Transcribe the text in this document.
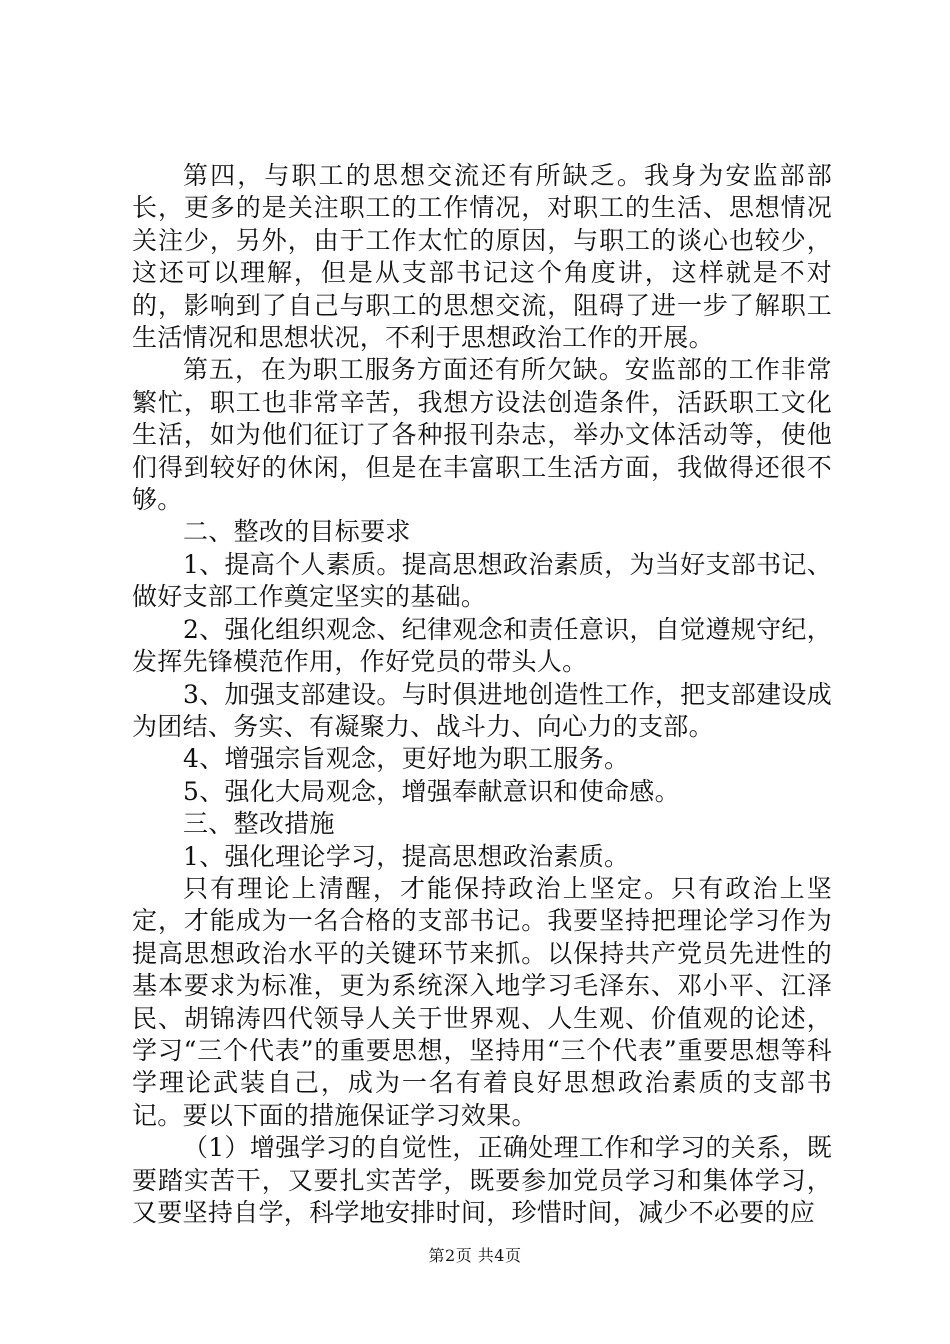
第四，与职工的思想交流还有所缺乏。我身为安监部部长，更多的是关注职工的工作情况，对职工的生活、思想情况关注少，另外，由于工作太忙的原因，与职工的谈心也较少，这还可以理解，但是从支部书记这个角度讲，这样就是不对的，影响到了自己与职工的思想交流，阻碍了进一步了解职工生活情况和思想状况，不利于思想政治工作的开展。

第五，在为职工服务方面还有所欠缺。安监部的工作非常繁忙，职工也非常辛苦，我想方设法创造条件，活跃职工文化生活，如为他们征订了各种报刊杂志，举办文体活动等，使他们得到较好的休闲，但是在丰富职工生活方面，我做得还很不够。

二、整改的目标要求

1、提高个人素质。提高思想政治素质，为当好支部书记、做好支部工作奠定坚实的基础。

2、强化组织观念、纪律观念和责任意识，自觉遵规守纪，发挥先锋模范作用，作好党员的带头人。

3、加强支部建设。与时俱进地创造性工作，把支部建设成为团结、务实、有凝聚力、战斗力、向心力的支部。

4、增强宗旨观念，更好地为职工服务。

5、强化大局观念，增强奉献意识和使命感。

三、整改措施

1、强化理论学习，提高思想政治素质。

只有理论上清醒，才能保持政治上坚定。只有政治上坚定，才能成为一名合格的支部书记。我要坚持把理论学习作为提高思想政治水平的关键环节来抓。以保持共产党员先进性的基本要求为标准，更为系统深入地学习毛泽东、邓小平、江泽民、胡锦涛四代领导人关于世界观、人生观、价值观的论述，学习“三个代表”的重要思想，坚持用“三个代表”重要思想等科学理论武装自己，成为一名有着良好思想政治素质的支部书记。要以下面的措施保证学习效果。

（1）增强学习的自觉性，正确处理工作和学习的关系，既要踏实苦干，又要扎实苦学，既要参加党员学习和集体学习，又要坚持自学，科学地安排时间，珍惜时间，减少不必要的应

第2页 共4页
